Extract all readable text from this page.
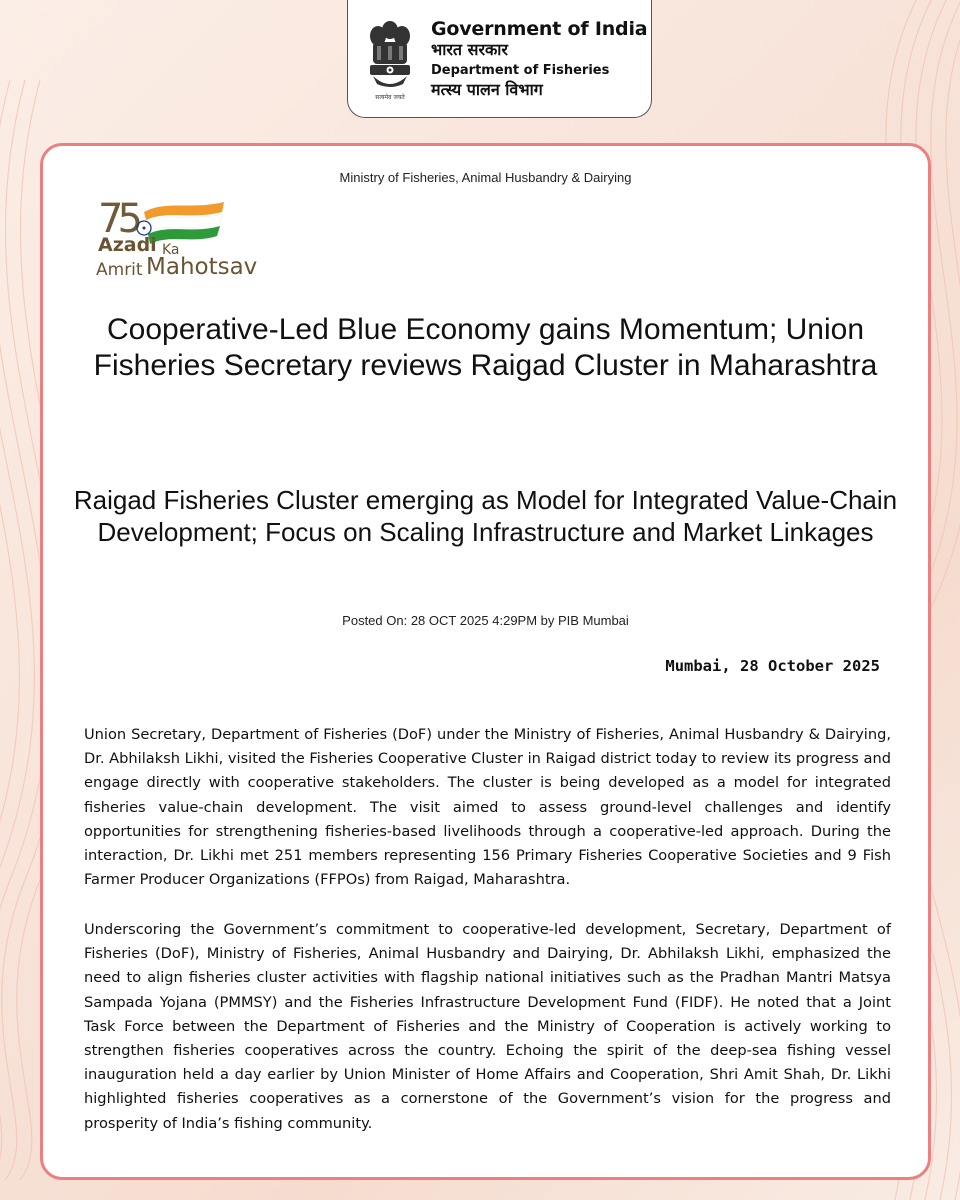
सत्यमेव जयते
Government of India
भारत सरकार
Department of Fisheries
मत्स्य पालन विभाग
Ministry of Fisheries, Animal Husbandry & Dairying
75
Azadi Ka
Amrit Mahotsav
Cooperative-Led Blue Economy gains Momentum; Union Fisheries Secretary reviews Raigad Cluster in Maharashtra
Raigad Fisheries Cluster emerging as Model for Integrated Value-Chain Development; Focus on Scaling Infrastructure and Market Linkages
Posted On: 28 OCT 2025 4:29PM by PIB Mumbai
Mumbai, 28 October 2025

Union Secretary, Department of Fisheries (DoF) under the Ministry of Fisheries, Animal Husbandry & Dairying, Dr. Abhilaksh Likhi, visited the Fisheries Cooperative Cluster in Raigad district today to review its progress and engage directly with cooperative stakeholders. The cluster is being developed as a model for integrated fisheries value-chain development. The visit aimed to assess ground-level challenges and identify opportunities for strengthening fisheries-based livelihoods through a cooperative-led approach. During the interaction, Dr. Likhi met 251 members representing 156 Primary Fisheries Cooperative Societies and 9 Fish Farmer Producer Organizations (FFPOs) from Raigad, Maharashtra.

Underscoring the Government’s commitment to cooperative-led development, Secretary, Department of Fisheries (DoF), Ministry of Fisheries, Animal Husbandry and Dairying, Dr. Abhilaksh Likhi, emphasized the need to align fisheries cluster activities with flagship national initiatives such as the Pradhan Mantri Matsya Sampada Yojana (PMMSY) and the Fisheries Infrastructure Development Fund (FIDF). He noted that a Joint Task Force between the Department of Fisheries and the Ministry of Cooperation is actively working to strengthen fisheries cooperatives across the country. Echoing the spirit of the deep-sea fishing vessel inauguration held a day earlier by Union Minister of Home Affairs and Cooperation, Shri Amit Shah, Dr. Likhi highlighted fisheries cooperatives as a cornerstone of the Government’s vision for the progress and prosperity of India’s fishing community.
